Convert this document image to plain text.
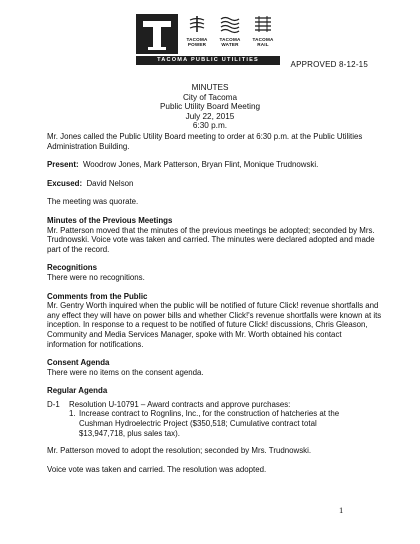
TACOMA
POWER
TACOMA
WATER
TACOMA
RAIL
TACOMA PUBLIC UTILITIES	APPROVED 8-12-15
MINUTES
City of Tacoma
Public Utility Board Meeting
July 22, 2015
6:30 p.m.

Mr. Jones called the Public Utility Board meeting to order at 6:30 p.m. at the Public Utilities Administration Building.

Present: Woodrow Jones, Mark Patterson, Bryan Flint, Monique Trudnowski.

Excused: David Nelson

The meeting was quorate.

Minutes of the Previous Meetings

Mr. Patterson moved that the minutes of the previous meetings be adopted; seconded by Mrs. Trudnowski. Voice vote was taken and carried. The minutes were declared adopted and made part of the record.

Recognitions

There were no recognitions.

Comments from the Public

Mr. Gentry Worth inquired when the public will be notified of future Click! revenue shortfalls and any effect they will have on power bills and whether Click!'s revenue shortfalls were known at its inception. In response to a request to be notified of future Click! discussions, Chris Gleason, Community and Media Services Manager, spoke with Mr. Worth obtained his contact information for notifications.

Consent Agenda

There were no items on the consent agenda.

Regular Agenda

D-1	Resolution U-10791 – Award contracts and approve purchases:
1. Increase contract to Rognlins, Inc., for the construction of hatcheries at the Cushman Hydroelectric Project ($350,518; Cumulative contract total $13,947,718, plus sales tax).

Mr. Patterson moved to adopt the resolution; seconded by Mrs. Trudnowski.

Voice vote was taken and carried. The resolution was adopted.

1
